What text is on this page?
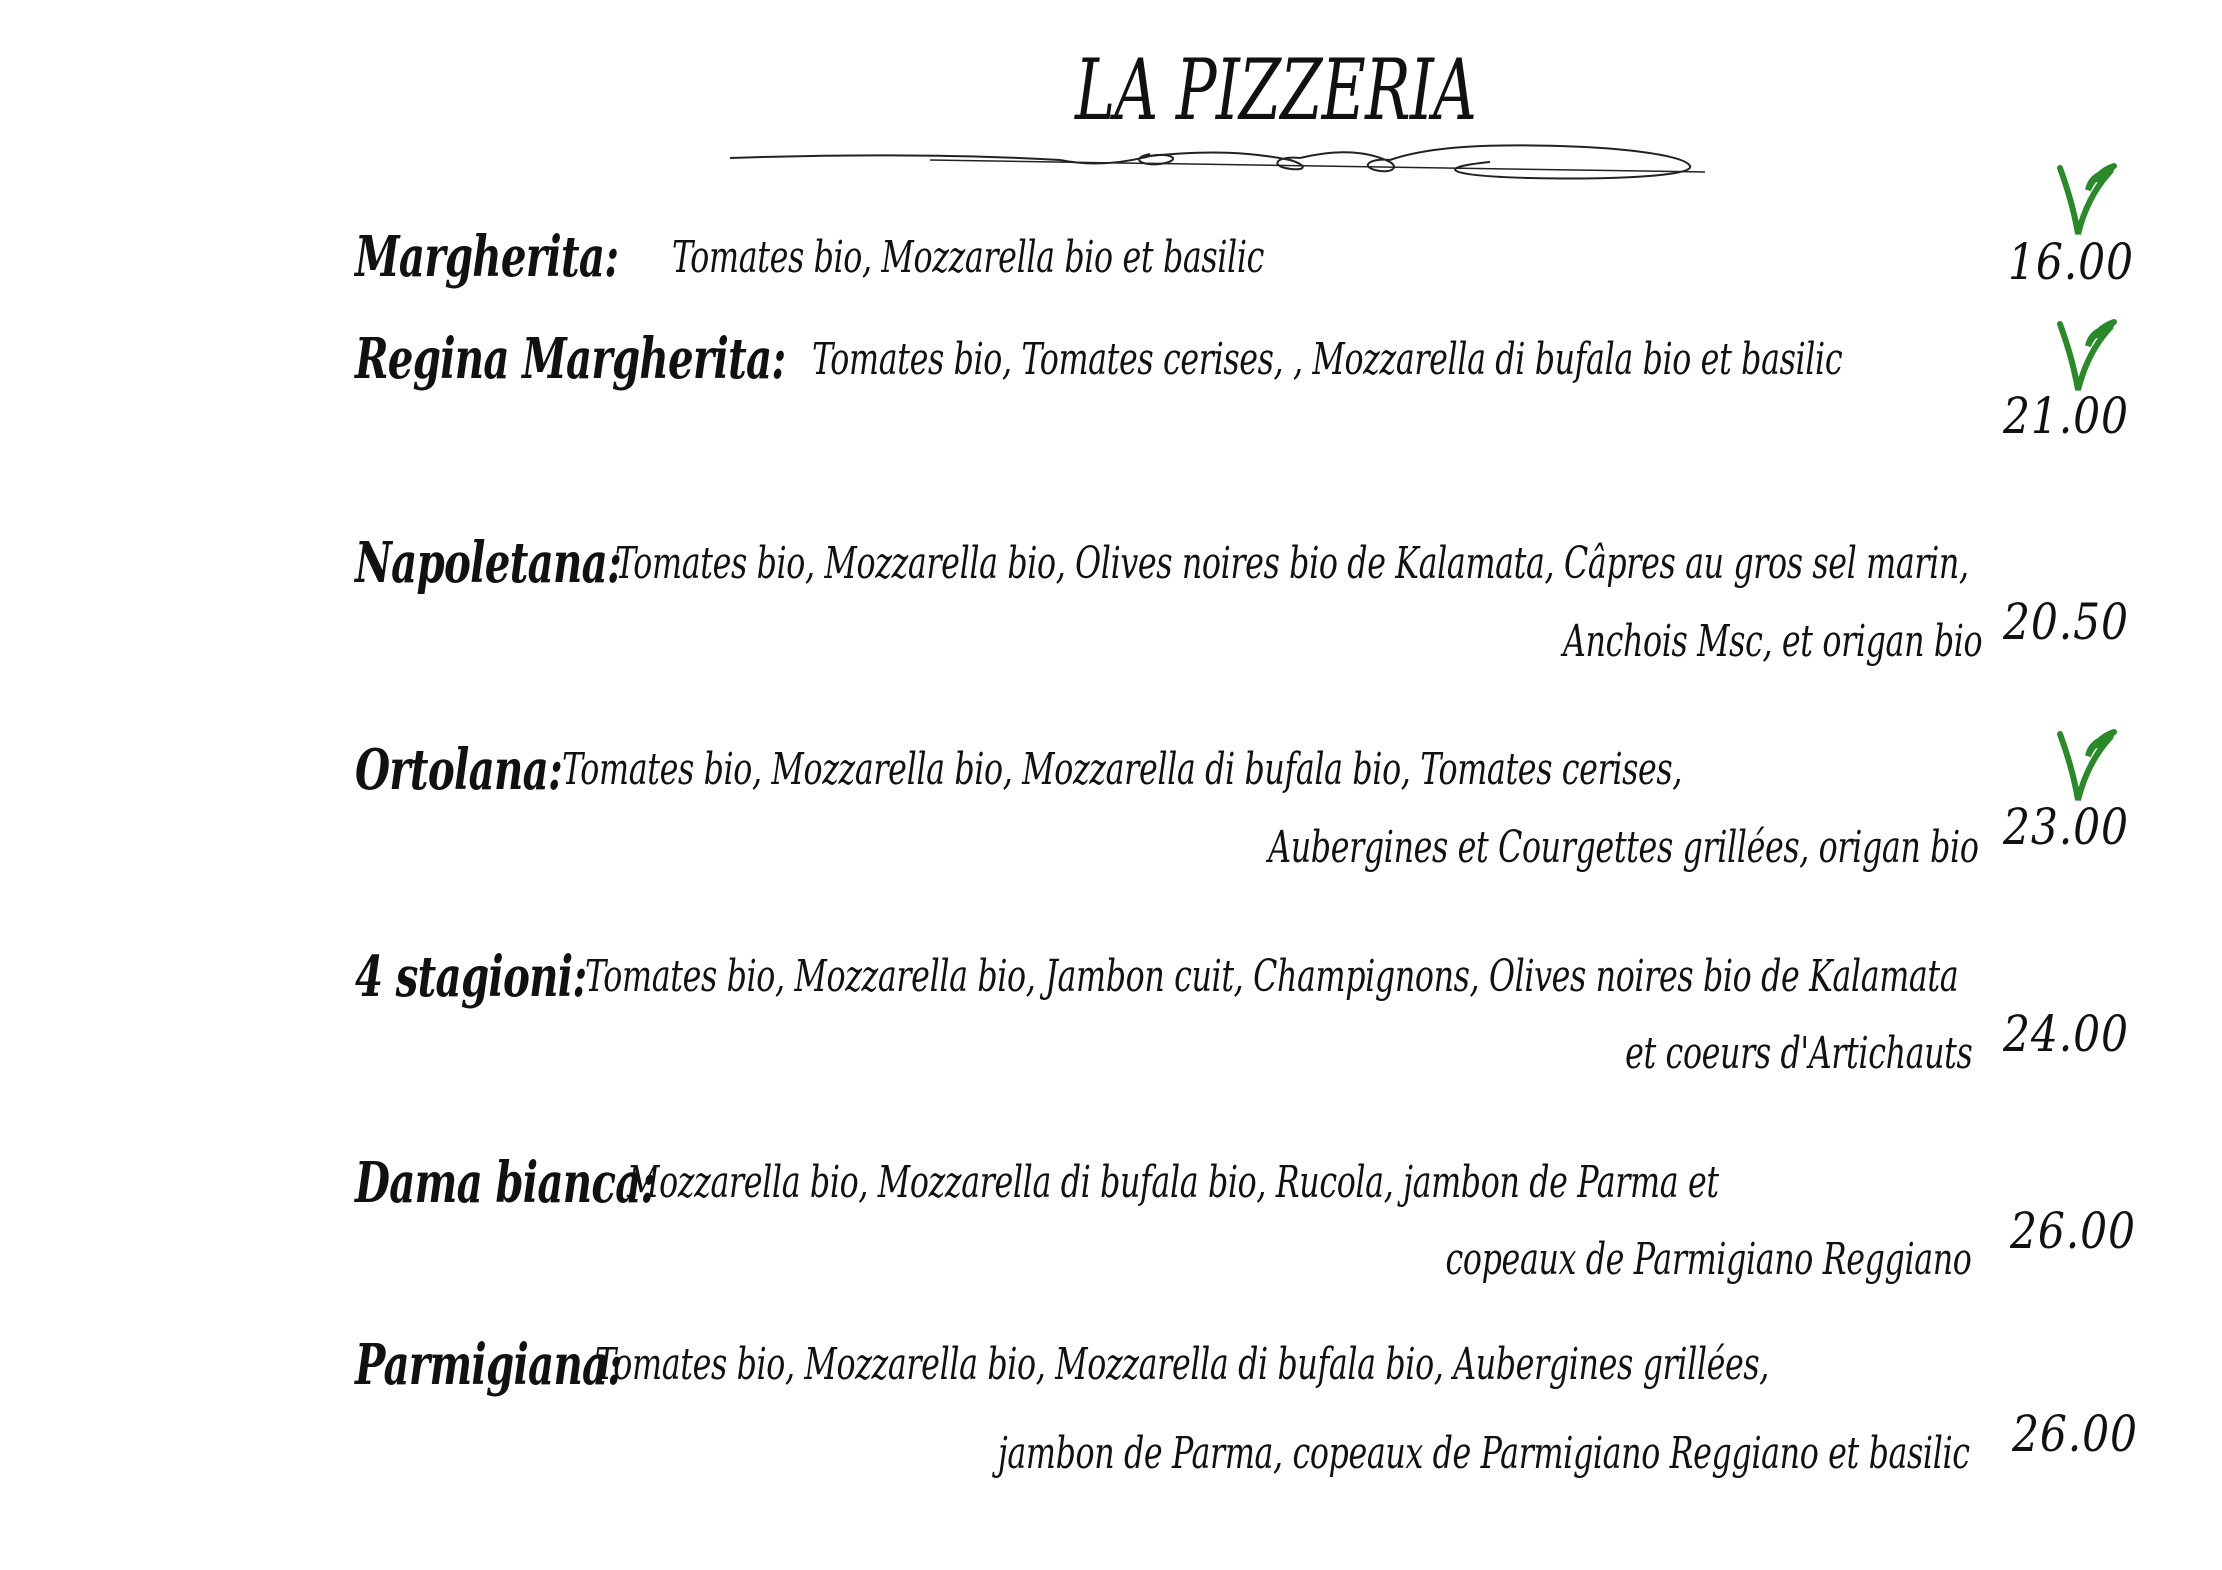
LA PIZZERIA
Margherita: Tomates bio, Mozzarella bio et basilic	16.00
Regina Margherita: Tomates bio, Tomates cerises, , Mozzarella di bufala bio et basilic
21.00
Napoletana:
Tomates bio, Mozzarella bio, Olives noires bio de Kalamata, Câpres au gros sel marin,
Anchois Msc, et origan bio 20.50
Ortolana: Tomates bio, Mozzarella bio, Mozzarella di bufala bio, Tomates cerises,
Aubergines et Courgettes grillées, origan bio 23.00
4 stagioni:
Tomates bio, Mozzarella bio, Jambon cuit, Champignons, Olives noires bio de Kalamata
et coeurs d'Artichauts 24.00
Dama bianca:
Mozzarella bio, Mozzarella di bufala bio, Rucola, jambon de Parma et
copeaux de Parmigiano Reggiano 26.00
Parmigiana:
Tomates bio, Mozzarella bio, Mozzarella di bufala bio, Aubergines grillées,
jambon de Parma, copeaux de Parmigiano Reggiano et basilic 26.00
